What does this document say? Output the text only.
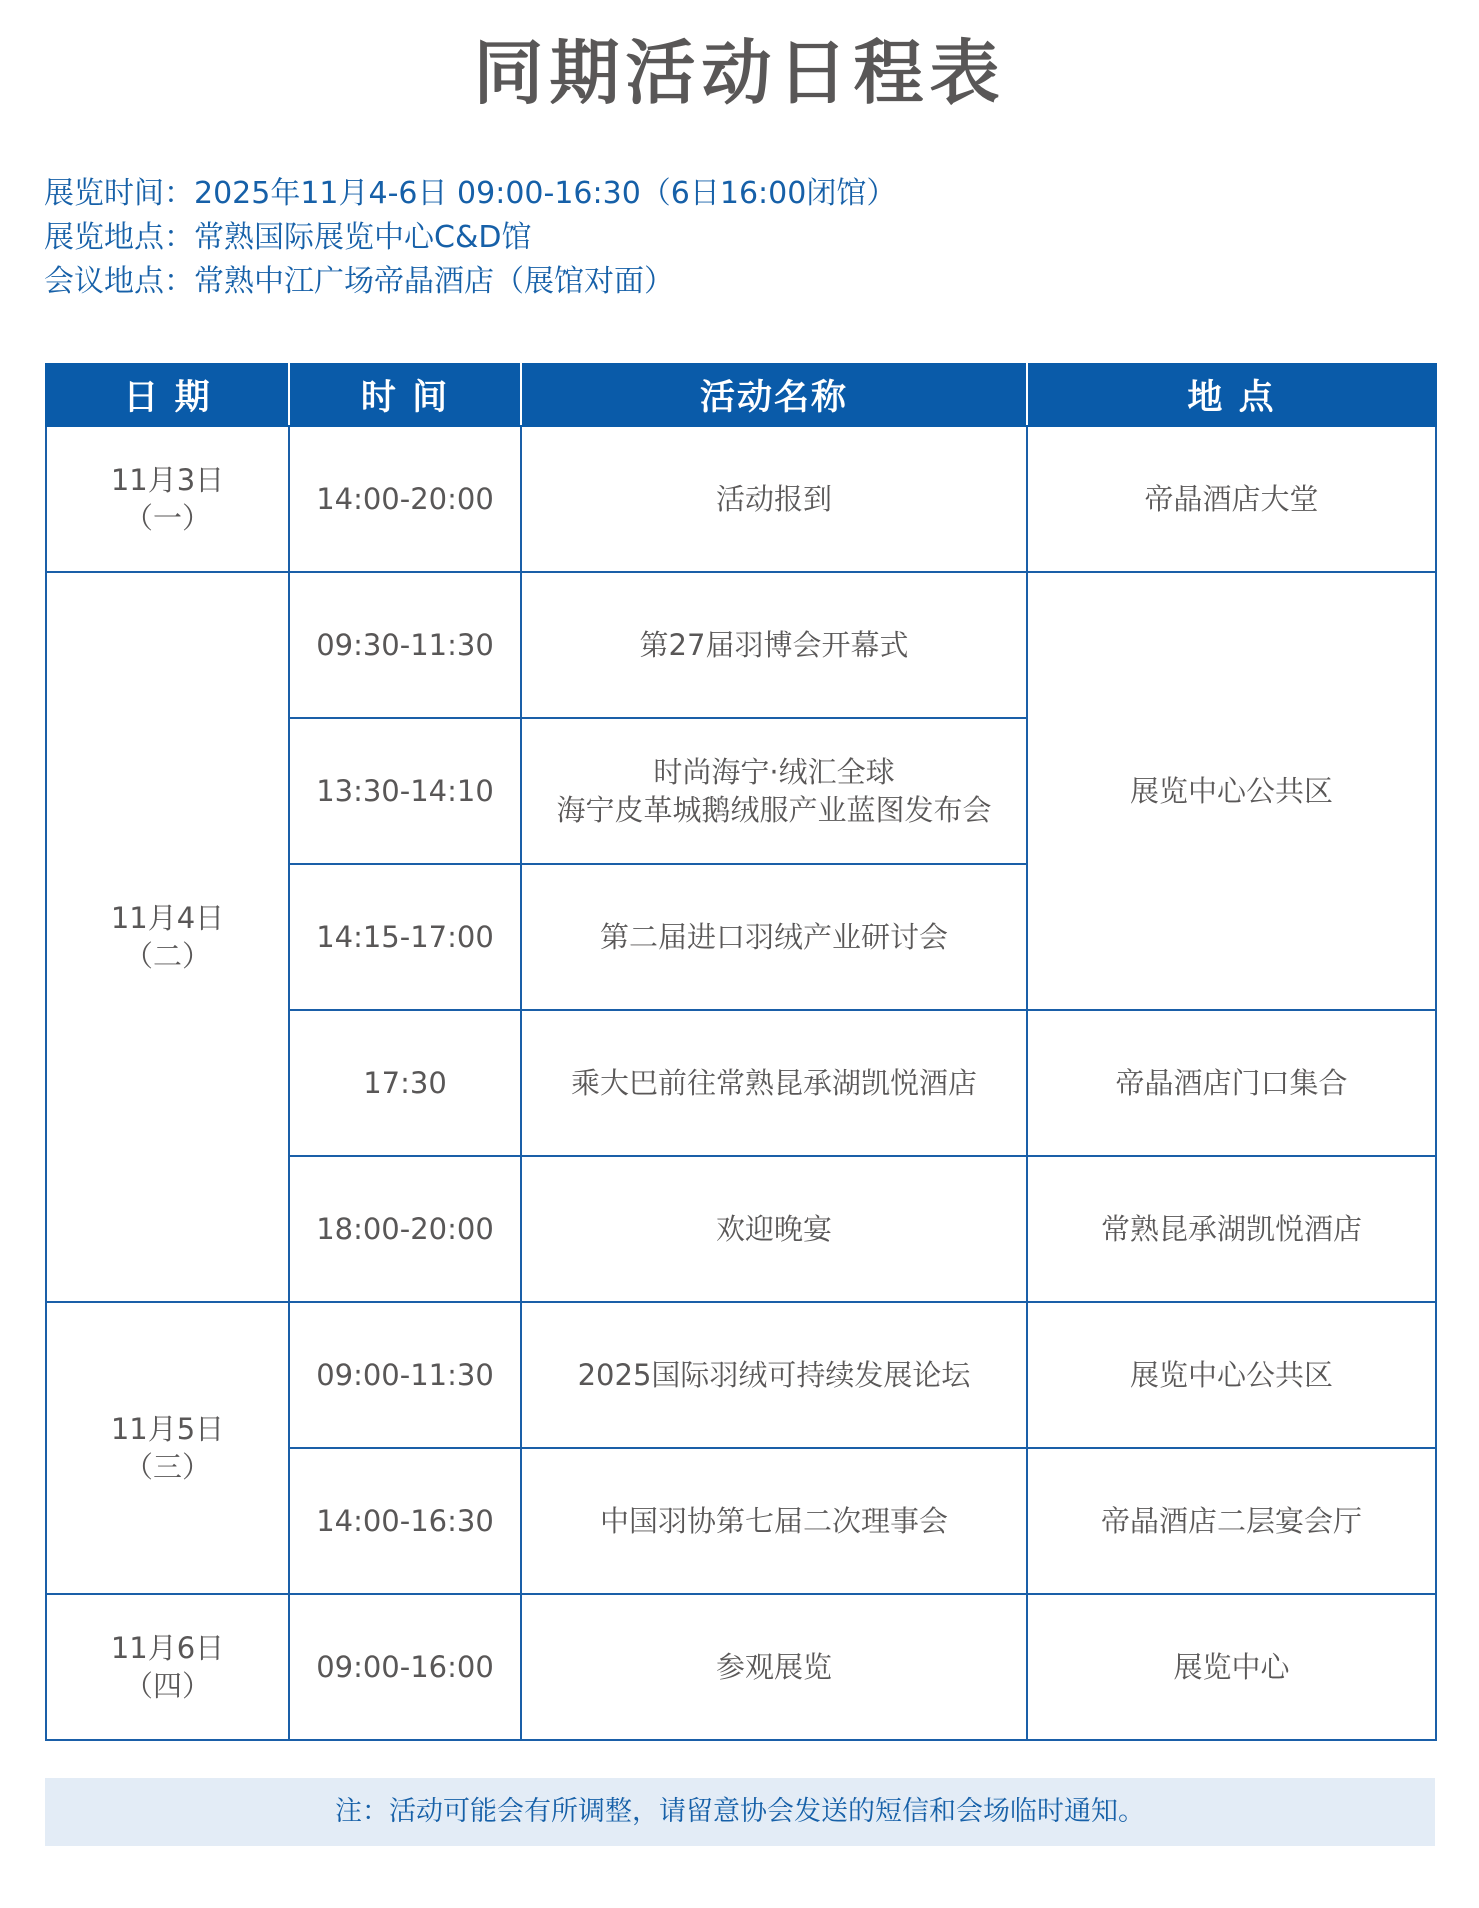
同期活动日程表
展览时间：2025年11月4-6日 09:00-16:30（6日16:00闭馆）
展览地点：常熟国际展览中心C&D馆
会议地点：常熟中江广场帝晶酒店（展馆对面）
日 期	时 间	活动名称	地 点

11月3日
（一）	14:00-20:00	活动报到	帝晶酒店大堂

11月4日
（二）	09:30-11:30	第27届羽博会开幕式	展览中心公共区
	13:30-14:10	时尚海宁·绒汇全球
海宁皮革城鹅绒服产业蓝图发布会	

	14:15-17:00	第二届进口羽绒产业研讨会	
	17:30	乘大巴前往常熟昆承湖凯悦酒店	帝晶酒店门口集合
	18:00-20:00	欢迎晚宴	常熟昆承湖凯悦酒店

11月5日
（三）	09:00-11:30	2025国际羽绒可持续发展论坛	展览中心公共区
	14:00-16:30	中国羽协第七届二次理事会	帝晶酒店二层宴会厅

11月6日
（四）	09:00-16:00	参观展览	展览中心
注：活动可能会有所调整，请留意协会发送的短信和会场临时通知。
